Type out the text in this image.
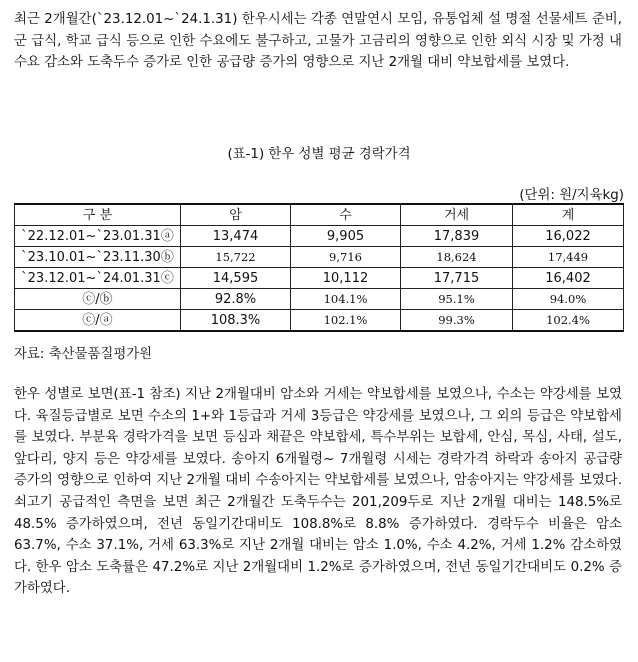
최근 2개월간(`23.12.01~`24.1.31) 한우시세는 각종 연말연시 모임, 유통업체 설 명절 선물세트 준비, 군 급식, 학교 급식 등으로 인한 수요에도 불구하고, 고물가 고금리의 영향으로 인한 외식 시장 및 가정 내 수요 감소와 도축두수 증가로 인한 공급량 증가의 영향으로 지난 2개월 대비 약보합세를 보였다.

(표-1) 한우 성별 평균 경락가격
(단위: 원/지육kg)
구 분	암	수	거세	계
`22.12.01~`23.01.31ⓐ	13,474	9,905	17,839	16,022
`23.10.01~`23.11.30ⓑ	15,722	9,716	18,624	17,449
`23.12.01~`24.01.31ⓒ	14,595	10,112	17,715	16,402
ⓒ/ⓑ	92.8%	104.1%	95.1%	94.0%
ⓒ/ⓐ	108.3%	102.1%	99.3%	102.4%
자료: 축산물품질평가원

한우 성별로 보면(표-1 참조) 지난 2개월대비 암소와 거세는 약보합세를 보였으나, 수소는 약강세를 보였다. 육질등급별로 보면 수소의 1+와 1등급과 거세 3등급은 약강세를 보였으나, 그 외의 등급은 약보합세를 보였다. 부분육 경락가격을 보면 등심과 채끝은 약보합세, 특수부위는 보합세, 안심, 목심, 사태, 설도, 앞다리, 양지 등은 약강세를 보였다. 송아지 6개월령~ 7개월령 시세는 경락가격 하락과 송아지 공급량 증가의 영향으로 인하여 지난 2개월 대비 수송아지는 약보합세를 보였으나, 암송아지는 약강세를 보였다. 쇠고기 공급적인 측면을 보면 최근 2개월간 도축두수는 201,209두로 지난 2개월 대비는 148.5%로 48.5% 증가하였으며, 전년 동일기간대비도 108.8%로 8.8% 증가하였다. 경락두수 비율은 암소 63.7%, 수소 37.1%, 거세 63.3%로 지난 2개월 대비는 암소 1.0%, 수소 4.2%, 거세 1.2% 감소하였다. 한우 암소 도축률은 47.2%로 지난 2개월대비 1.2%로 증가하였으며, 전년 동일기간대비도 0.2% 증가하였다.
